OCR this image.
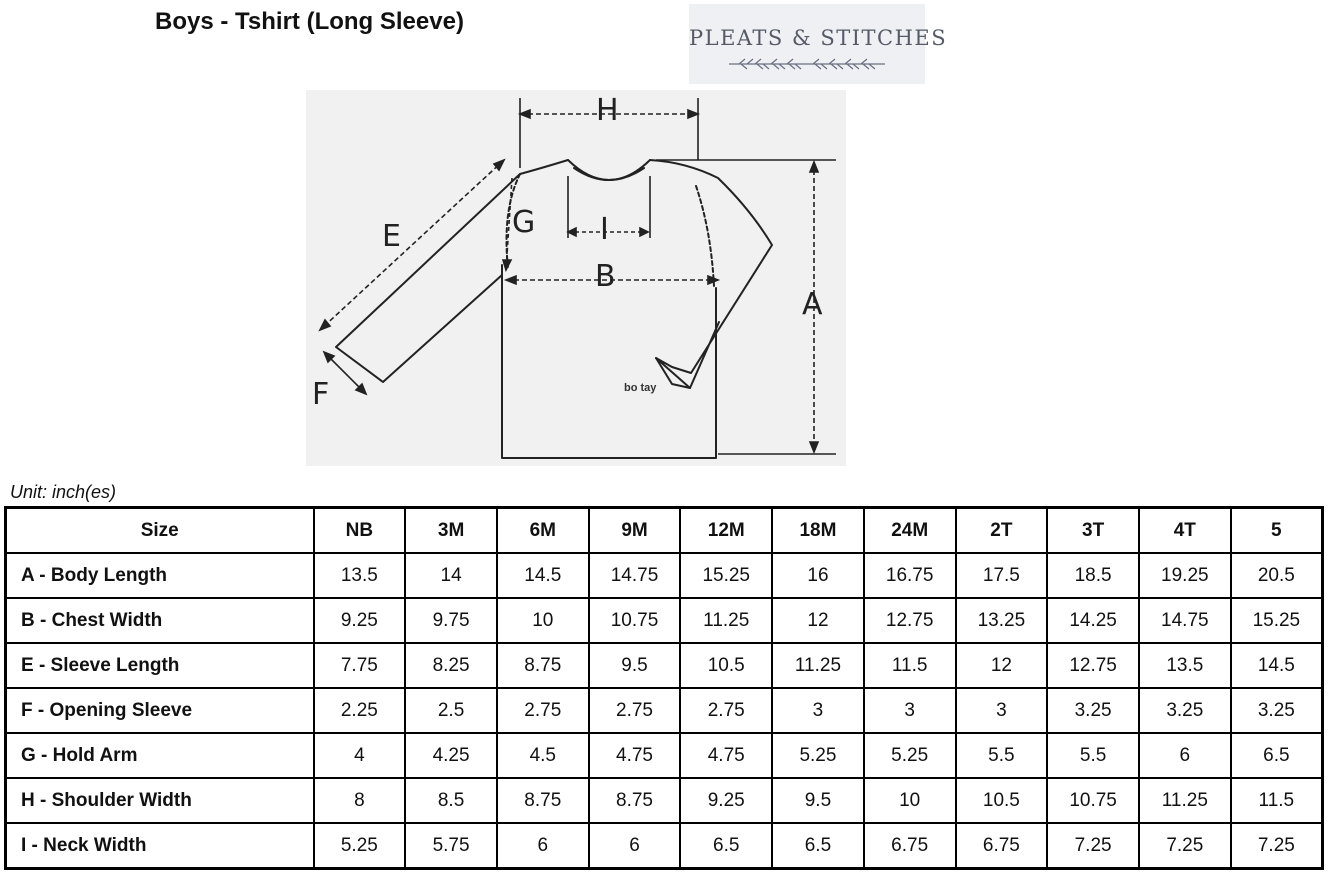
Boys - Tshirt (Long Sleeve)
PLEATS & STITCHES
H
A
B
I
G
E
F	bo tay
Unit: inch(es)
Size	NB	3M	6M	9M	12M	18M	24M	2T	3T	4T	5
A - Body Length	13.5	14	14.5	14.75	15.25	16	16.75	17.5	18.5	19.25	20.5
B - Chest Width	9.25	9.75	10	10.75	11.25	12	12.75	13.25	14.25	14.75	15.25
E - Sleeve Length	7.75	8.25	8.75	9.5	10.5	11.25	11.5	12	12.75	13.5	14.5
F - Opening Sleeve	2.25	2.5	2.75	2.75	2.75	3	3	3	3.25	3.25	3.25
G - Hold Arm	4	4.25	4.5	4.75	4.75	5.25	5.25	5.5	5.5	6	6.5
H - Shoulder Width	8	8.5	8.75	8.75	9.25	9.5	10	10.5	10.75	11.25	11.5
I - Neck Width	5.25	5.75	6	6	6.5	6.5	6.75	6.75	7.25	7.25	7.25
